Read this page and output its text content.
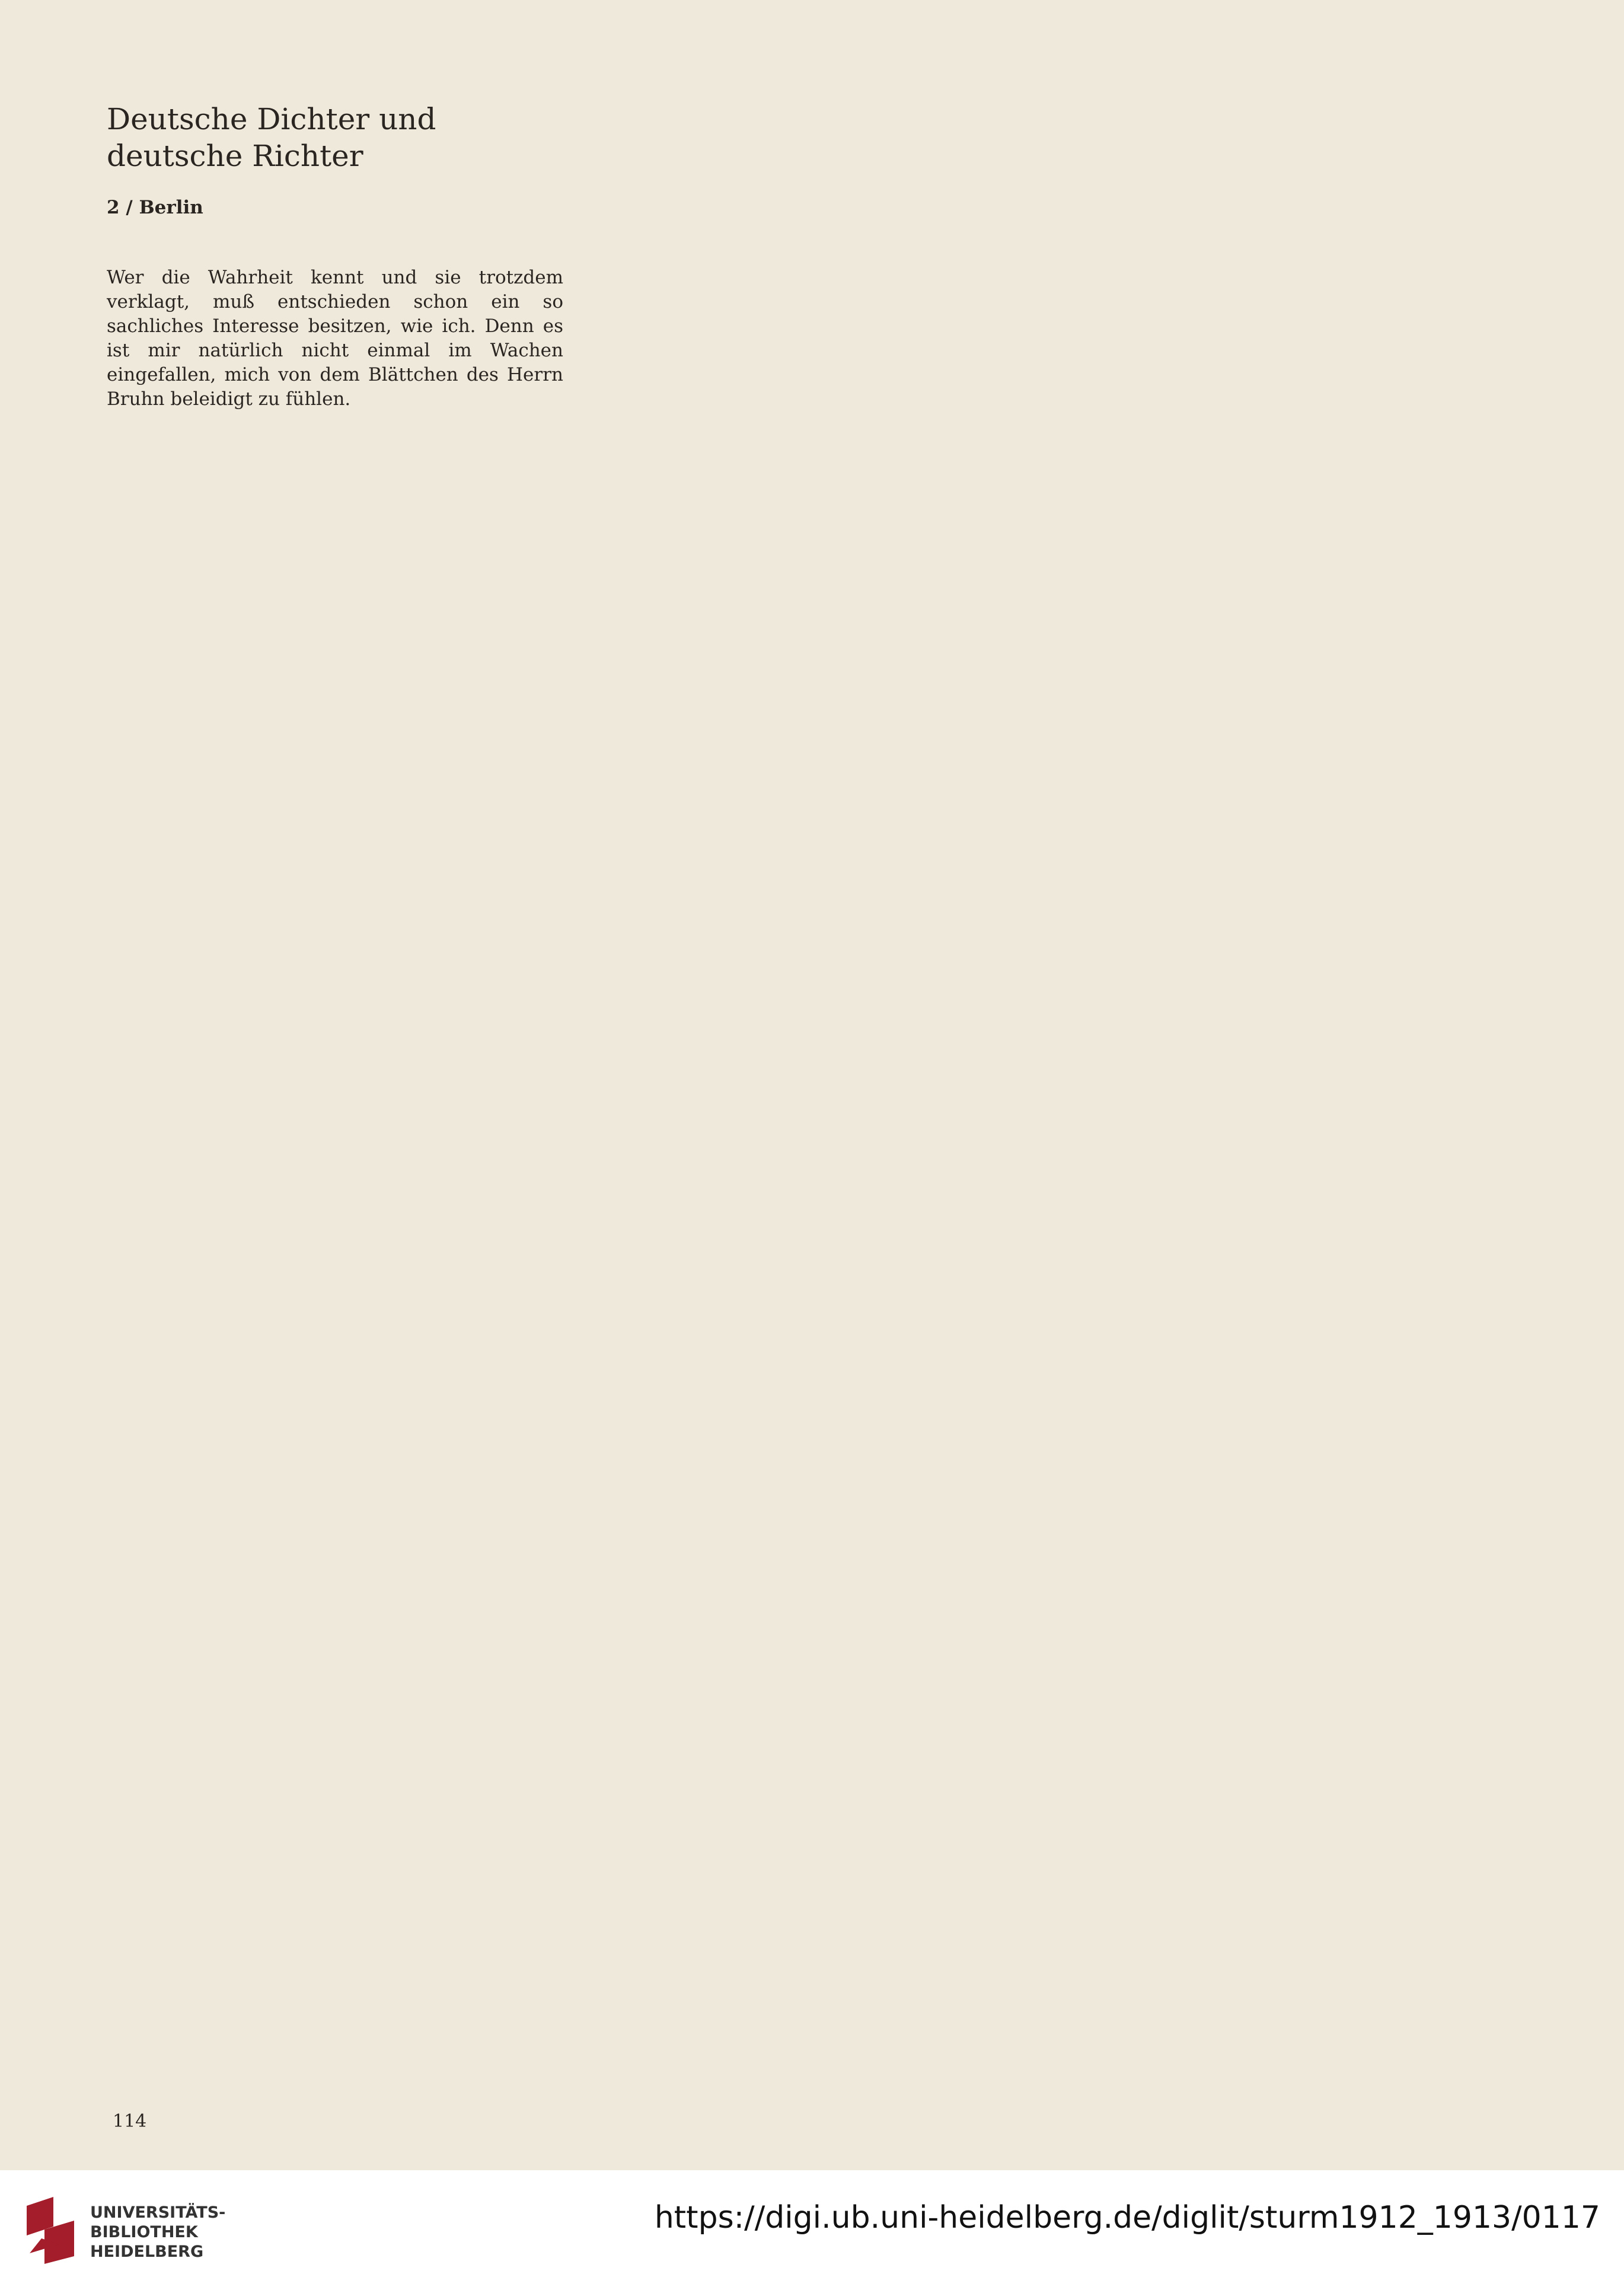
Deutsche Dichter und deutsche Richter
2 / Berlin

Wer die Wahrheit kennt und sie trotzdem verklagt, muß entschieden schon ein so sachliches Interesse besitzen, wie ich. Denn es ist mir natürlich nicht einmal im Wachen eingefallen, mich von dem Blättchen des Herrn Bruhn beleidigt zu fühlen.

114
UNIVERSITÄTS-
BIBLIOTHEK
HEIDELBERG
https://digi.ub.uni-heidelberg.de/diglit/sturm1912_1913/0117
